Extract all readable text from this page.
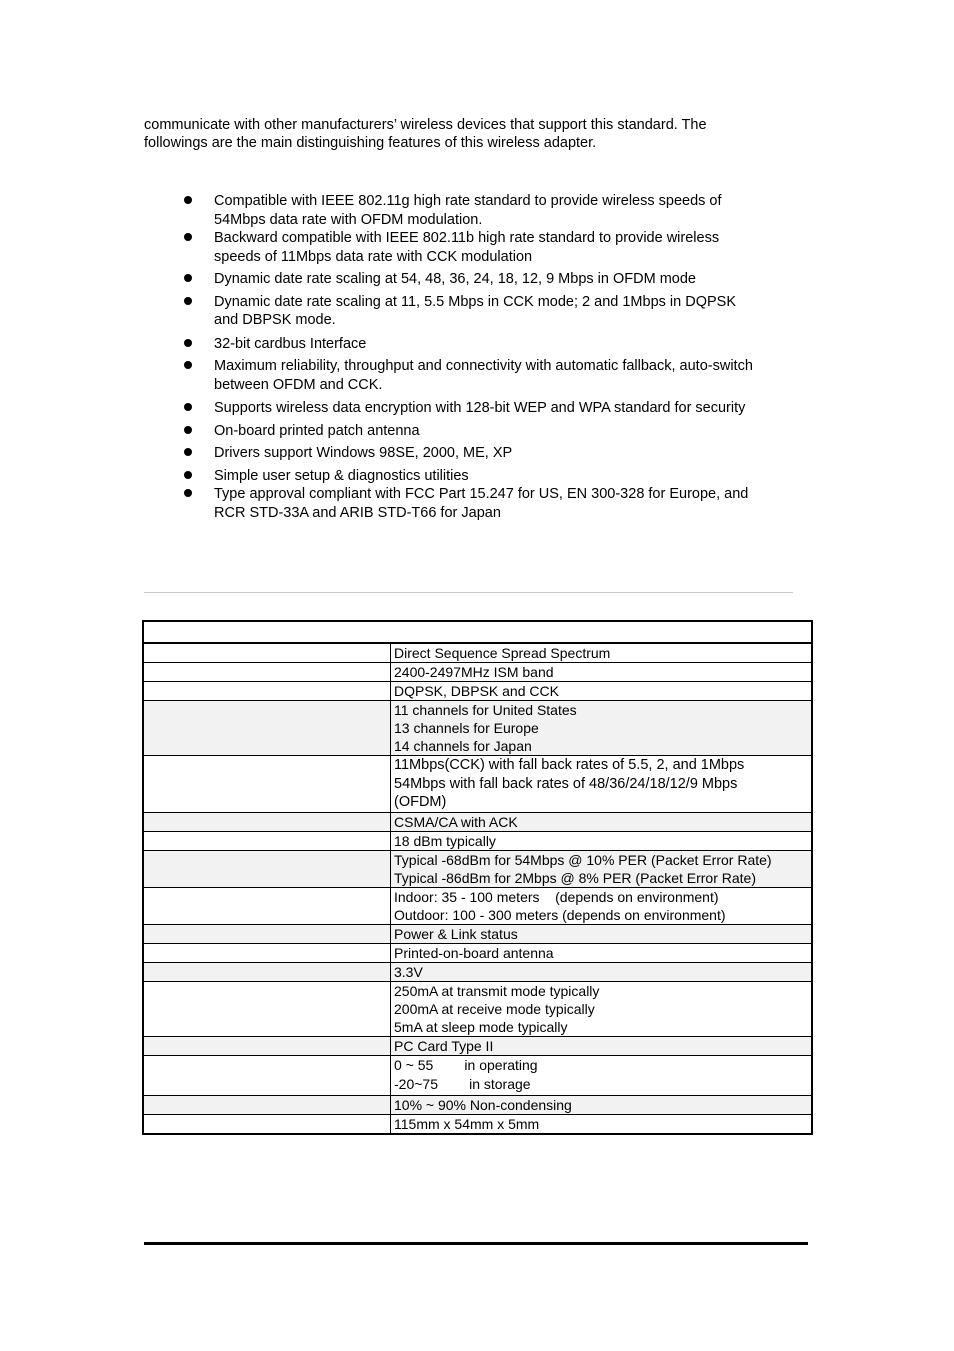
communicate with other manufacturers’ wireless devices that support this standard. The
followings are the main distinguishing features of this wireless adapter.

Compatible with IEEE 802.11g high rate standard to provide wireless speeds of
54Mbps data rate with OFDM modulation.
Backward compatible with IEEE 802.11b high rate standard to provide wireless
speeds of 11Mbps data rate with CCK modulation
Dynamic date rate scaling at 54, 48, 36, 24, 18, 12, 9 Mbps in OFDM mode
Dynamic date rate scaling at 11, 5.5 Mbps in CCK mode; 2 and 1Mbps in DQPSK
and DBPSK mode.
32-bit cardbus Interface
Maximum reliability, throughput and connectivity with automatic fallback, auto-switch
between OFDM and CCK.
Supports wireless data encryption with 128-bit WEP and WPA standard for security
On-board printed patch antenna
Drivers support Windows 98SE, 2000, ME, XP
Simple user setup & diagnostics utilities
Type approval compliant with FCC Part 15.247 for US, EN 300-328 for Europe, and
RCR STD-33A and ARIB STD-T66 for Japan

	Direct Sequence Spread Spectrum

	2400-2497MHz ISM band

	DQPSK, DBPSK and CCK

	11 channels for United States
13 channels for Europe
14 channels for Japan

	11Mbps(CCK) with fall back rates of 5.5, 2, and 1Mbps
54Mbps with fall back rates of 48/36/24/18/12/9 Mbps
(OFDM)

	CSMA/CA with ACK

	18 dBm typically

	Typical -68dBm for 54Mbps @ 10% PER (Packet Error Rate)
Typical -86dBm for 2Mbps @ 8% PER (Packet Error Rate)

	Indoor: 35 - 100 meters    (depends on environment)
Outdoor: 100 - 300 meters (depends on environment)

	Power & Link status

	Printed-on-board antenna

	3.3V

	250mA at transmit mode typically
200mA at receive mode typically
5mA at sleep mode typically

	PC Card Type II

	0 ~ 55        in operating
-20~75        in storage

	10% ~ 90% Non-condensing

	115mm x 54mm x 5mm
